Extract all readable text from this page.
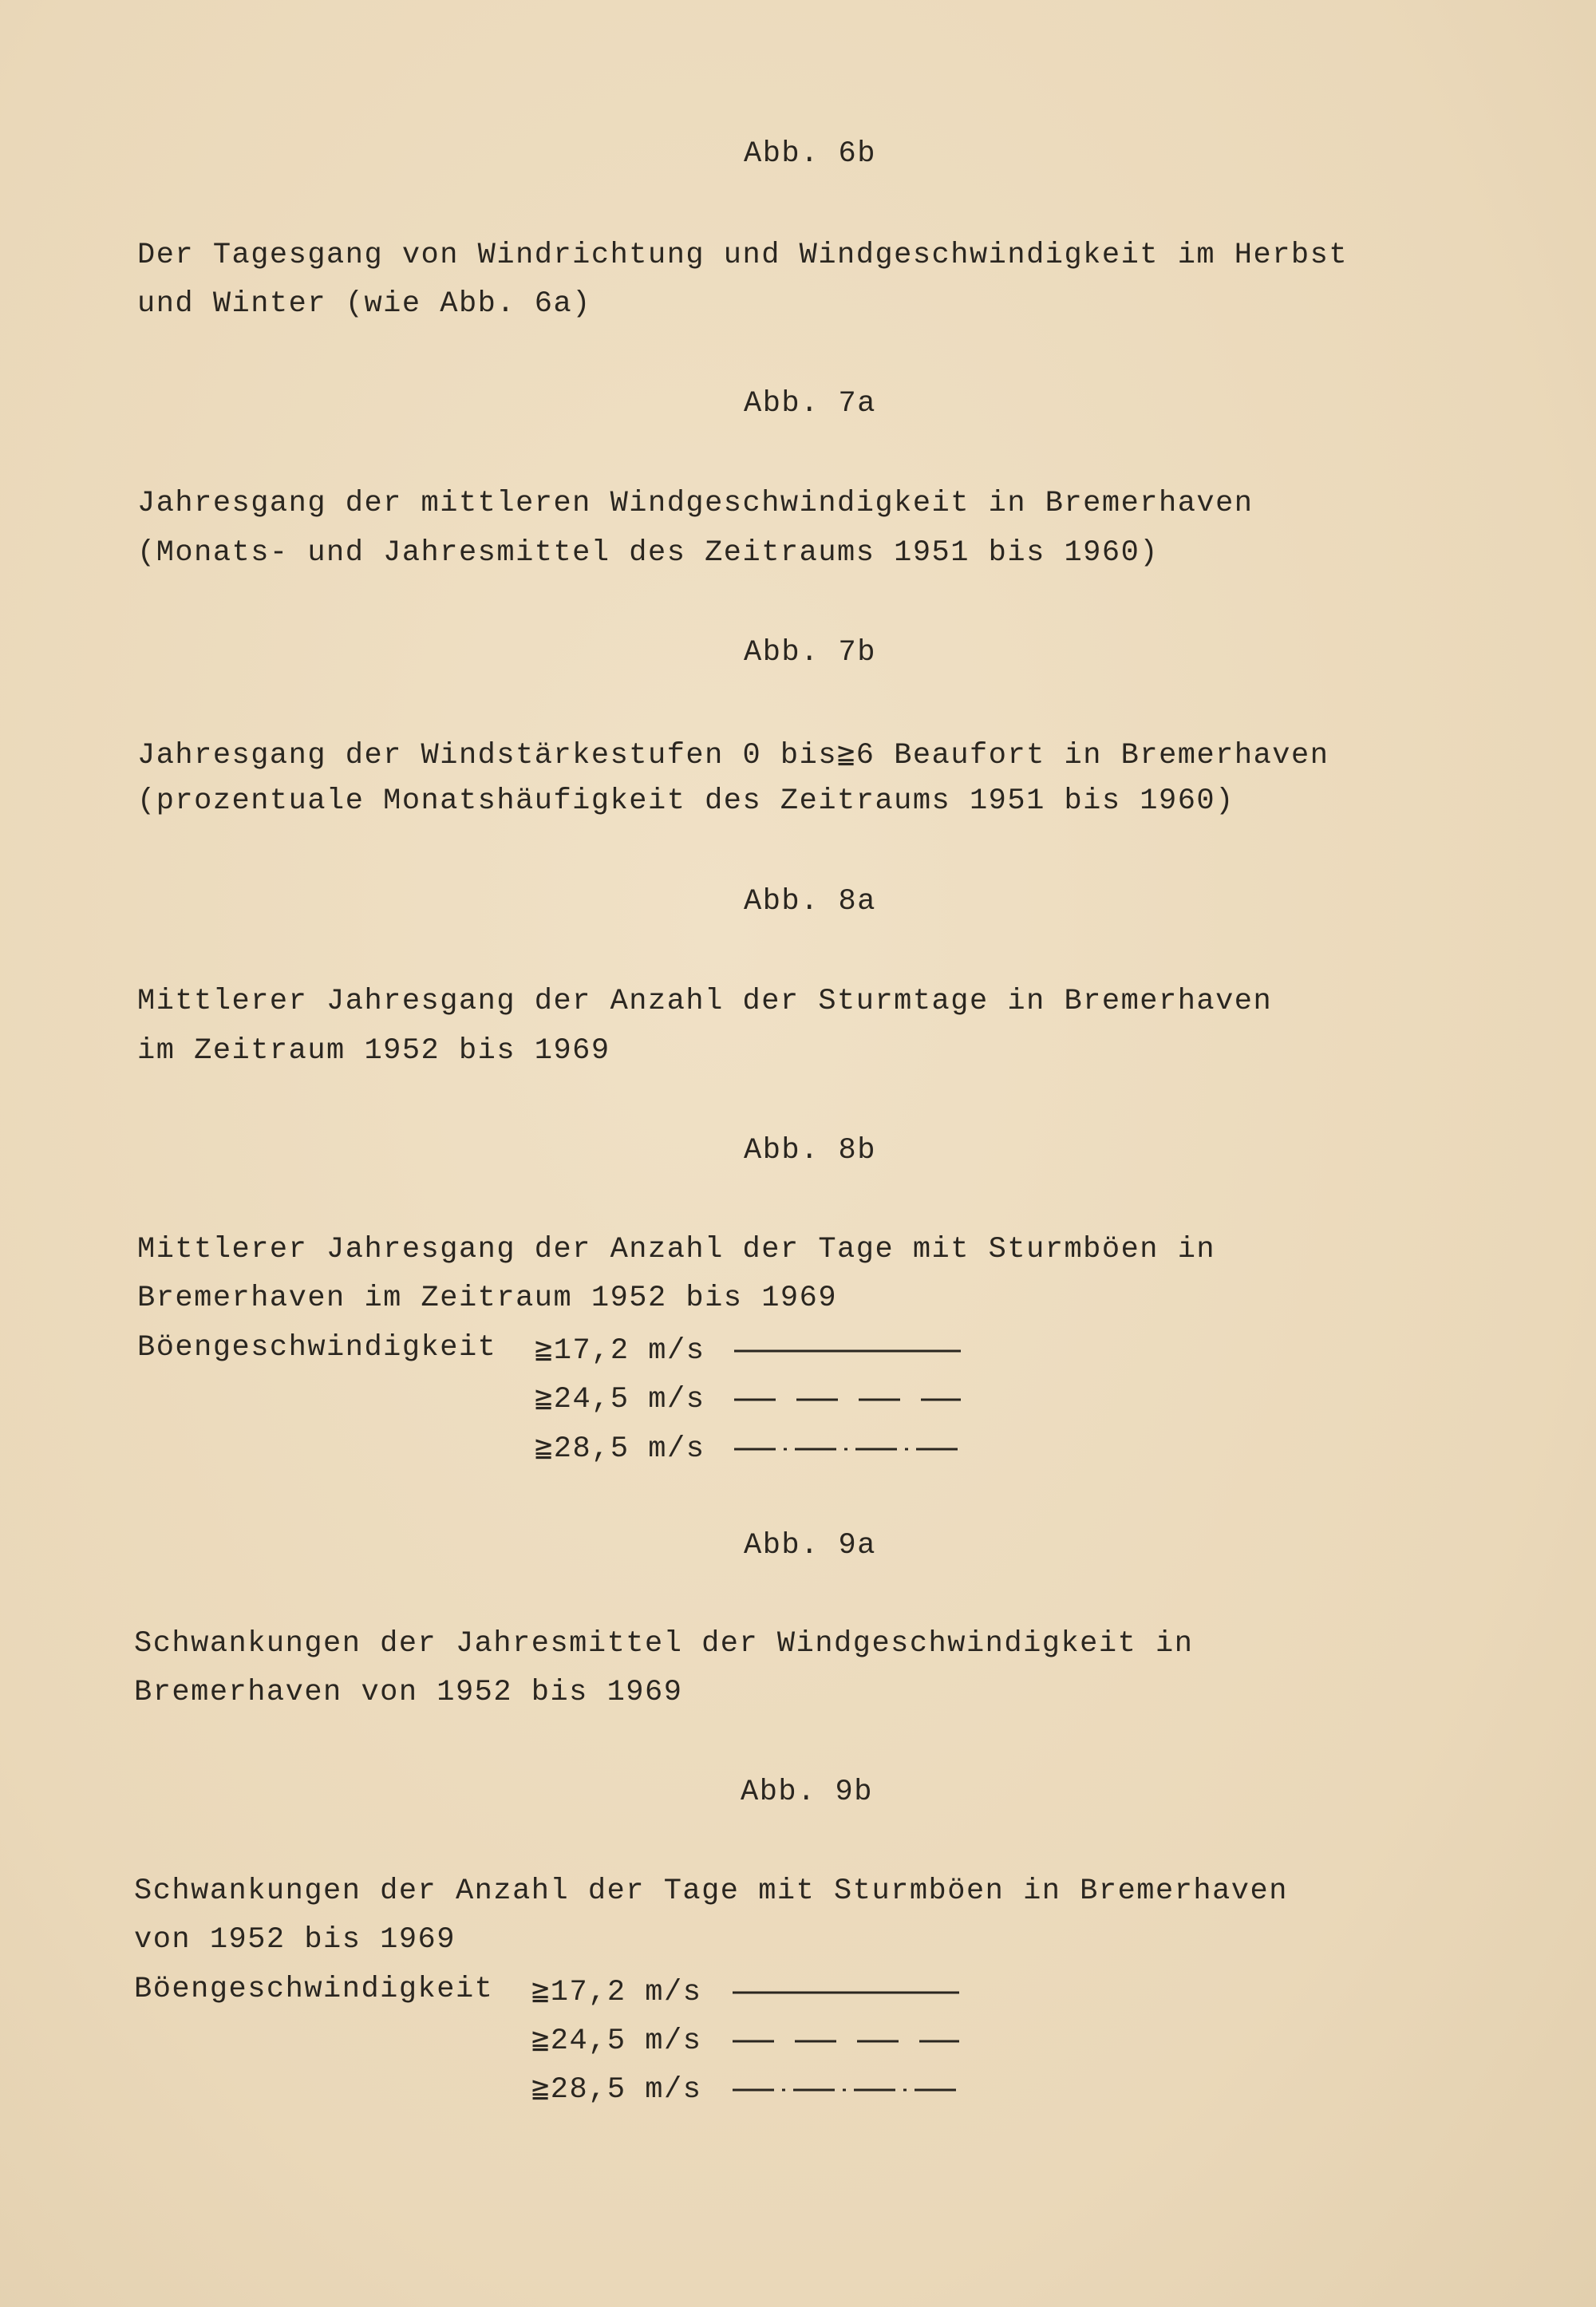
Abb. 6b
Der Tagesgang von Windrichtung und Windgeschwindigkeit im Herbst
und Winter (wie Abb. 6a)
Abb. 7a
Jahresgang der mittleren Windgeschwindigkeit in Bremerhaven
(Monats- und Jahresmittel des Zeitraums 1951 bis 1960)
Abb. 7b
Jahresgang der Windstärkestufen 0 bis≧6 Beaufort in Bremerhaven
(prozentuale Monatshäufigkeit des Zeitraums 1951 bis 1960)
Abb. 8a
Mittlerer Jahresgang der Anzahl der Sturmtage in Bremerhaven
im Zeitraum 1952 bis 1969
Abb. 8b
Mittlerer Jahresgang der Anzahl der Tage mit Sturmböen in
Bremerhaven im Zeitraum 1952 bis 1969
Böengeschwindigkeit ≧17,2 m/s
≧24,5 m/s
≧28,5 m/s
Abb. 9a
Schwankungen der Jahresmittel der Windgeschwindigkeit in
Bremerhaven von 1952 bis 1969
Abb. 9b
Schwankungen der Anzahl der Tage mit Sturmböen in Bremerhaven
von 1952 bis 1969
Böengeschwindigkeit ≧17,2 m/s
≧24,5 m/s
≧28,5 m/s
